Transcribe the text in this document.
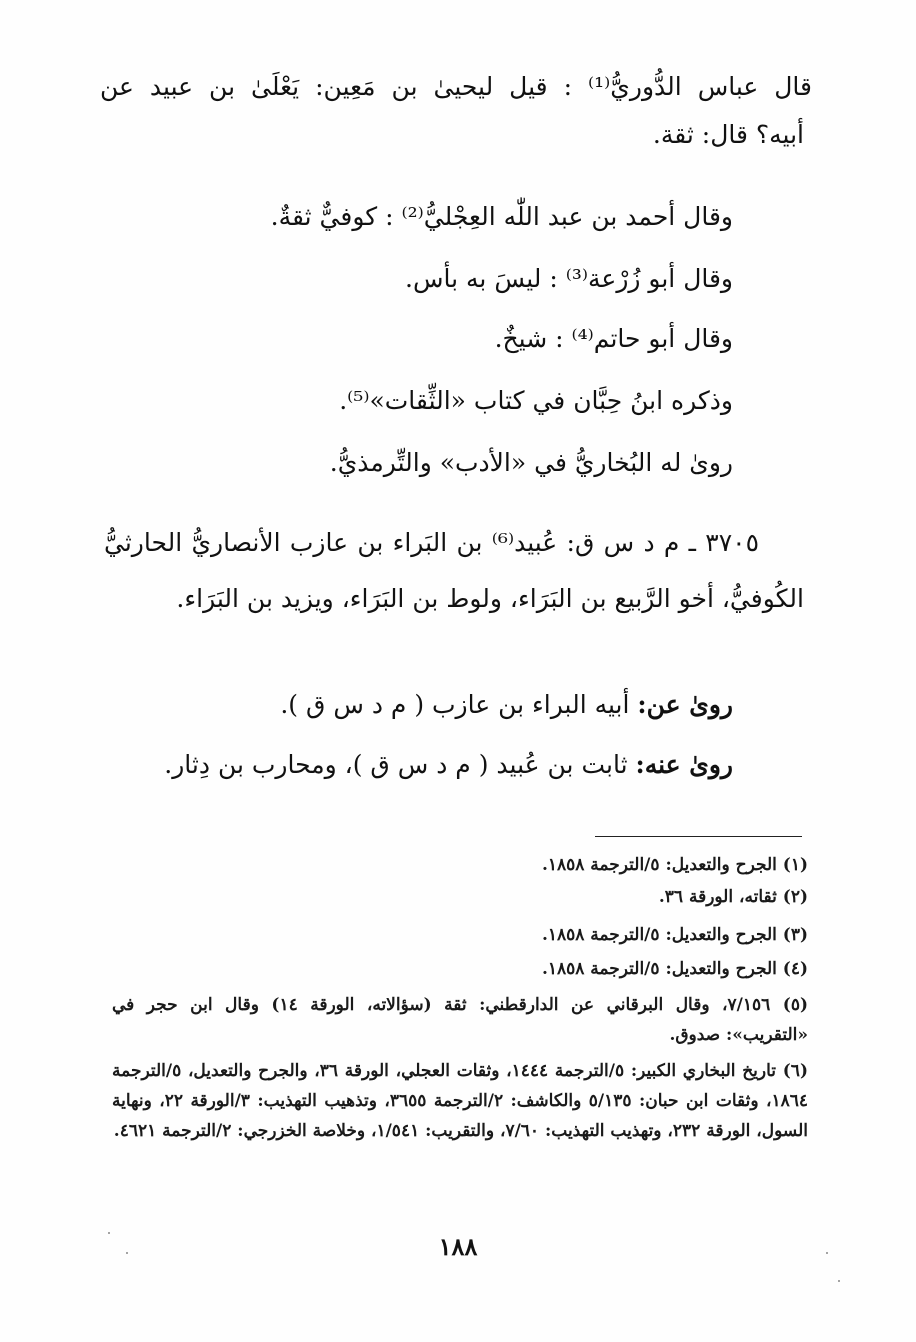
قال عباس الدُّوريُّ⁽¹⁾ : قيل ليحيىٰ بن مَعِين: يَعْلَىٰ بن عبيد عن
أبيه؟ قال: ثقة.
وقال أحمد بن عبد اللّٰه العِجْليُّ⁽²⁾ : كوفيٌّ ثقةٌ.
وقال أبو زُرْعة⁽³⁾ : ليسَ به بأس.
وقال أبو حاتم⁽⁴⁾ : شيخٌ.
وذكره ابنُ حِبَّان في كتاب «الثِّقات»⁽⁵⁾.
روىٰ له البُخاريُّ في «الأدب» والتِّرمذيُّ.
٣٧٠٥ ـ م د س ق: عُبيد⁽⁶⁾ بن البَراء بن عازب الأنصاريُّ الحارثيُّ الكُوفيُّ، أخو الرَّبيع بن البَرَاء، ولوط بن البَرَاء، ويزيد بن البَرَاء.
روىٰ عن: أبيه البراء بن عازب ( م د س ق ).
روىٰ عنه: ثابت بن عُبيد ( م د س ق )، ومحارب بن دِثار.
(١) الجرح والتعديل: ٥/الترجمة ١٨٥٨.
(٢) ثقاته، الورقة ٣٦.
(٣) الجرح والتعديل: ٥/الترجمة ١٨٥٨.
(٤) الجرح والتعديل: ٥/الترجمة ١٨٥٨.
(٥) ٧/١٥٦، وقال البرقاني عن الدارقطني: ثقة (سؤالاته، الورقة ١٤) وقال ابن حجر في «التقريب»: صدوق.
(٦) تاريخ البخاري الكبير: ٥/الترجمة ١٤٤٤، وثقات العجلي، الورقة ٣٦، والجرح والتعديل، ٥/الترجمة ١٨٦٤، وثقات ابن حبان: ٥/١٣٥ والكاشف: ٢/الترجمة ٣٦٥٥، وتذهيب التهذيب: ٣/الورقة ٢٢، ونهاية السول، الورقة ٢٣٢، وتهذيب التهذيب: ٧/٦٠، والتقريب: ١/٥٤١، وخلاصة الخزرجي: ٢/الترجمة ٤٦٢١.
١٨٨
